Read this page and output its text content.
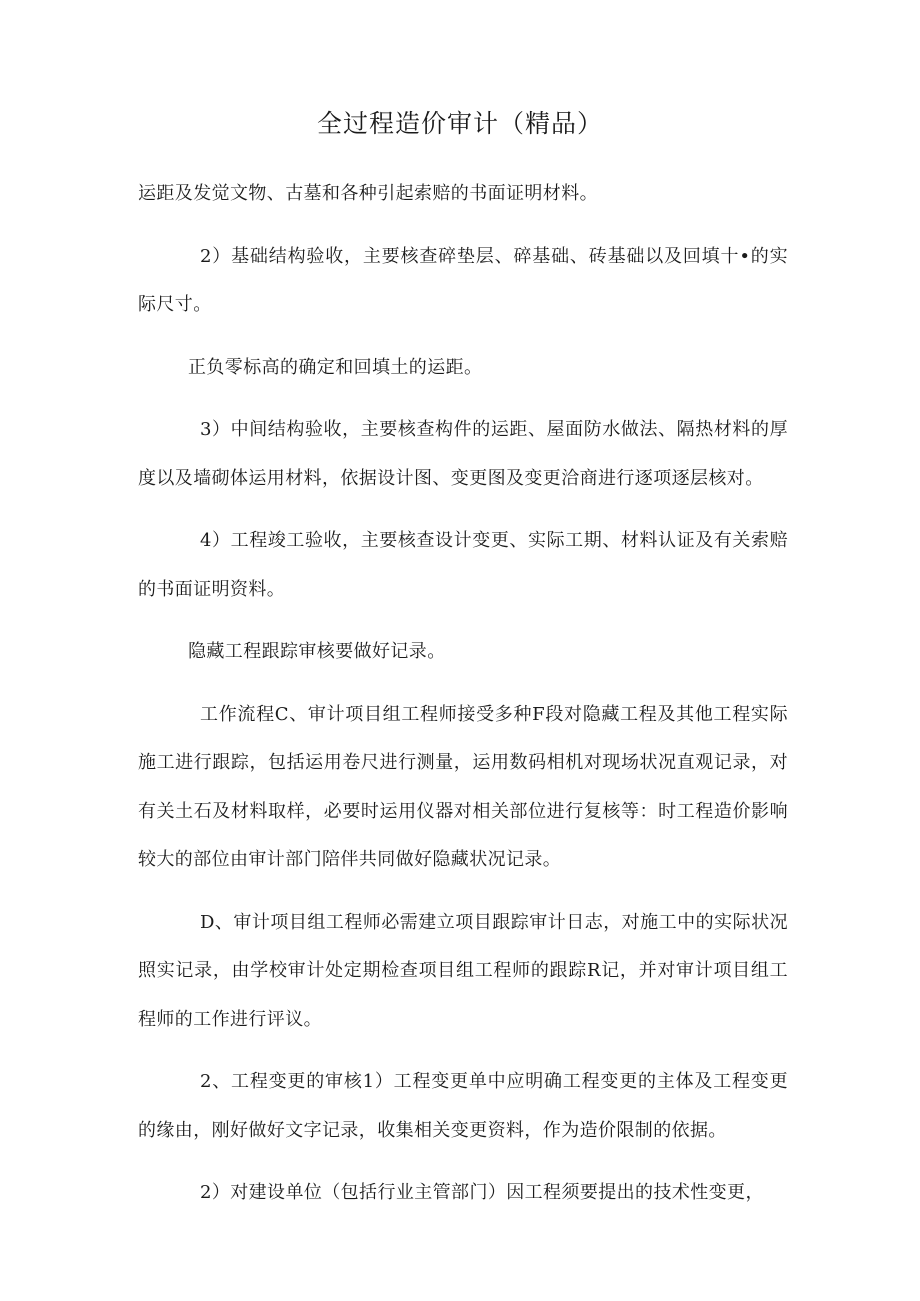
全过程造价审计（精品）

运距及发觉文物、古墓和各种引起索赔的书面证明材料。

2）基础结构验收，主要核查碎垫层、碎基础、砖基础以及回填十•的实际尺寸。

正负零标高的确定和回填土的运距。

3）中间结构验收，主要核查构件的运距、屋面防水做法、隔热材料的厚度以及墙砌体运用材料，依据设计图、变更图及变更洽商进行逐项逐层核对。

4）工程竣工验收，主要核查设计变更、实际工期、材料认证及有关索赔的书面证明资料。

隐藏工程跟踪审核要做好记录。

工作流程C、审计项目组工程师接受多种F段对隐藏工程及其他工程实际施工进行跟踪，包括运用卷尺进行测量，运用数码相机对现场状况直观记录，对有关土石及材料取样，必要时运用仪器对相关部位进行复核等：时工程造价影响较大的部位由审计部门陪伴共同做好隐藏状况记录。

D、审计项目组工程师必需建立项目跟踪审计日志，对施工中的实际状况照实记录，由学校审计处定期检查项目组工程师的跟踪R记，并对审计项目组工程师的工作进行评议。

2、工程变更的审核1）工程变更单中应明确工程变更的主体及工程变更的缘由，刚好做好文字记录，收集相关变更资料，作为造价限制的依据。

2）对建设单位（包括行业主管部门）因工程须要提出的技术性变更，
